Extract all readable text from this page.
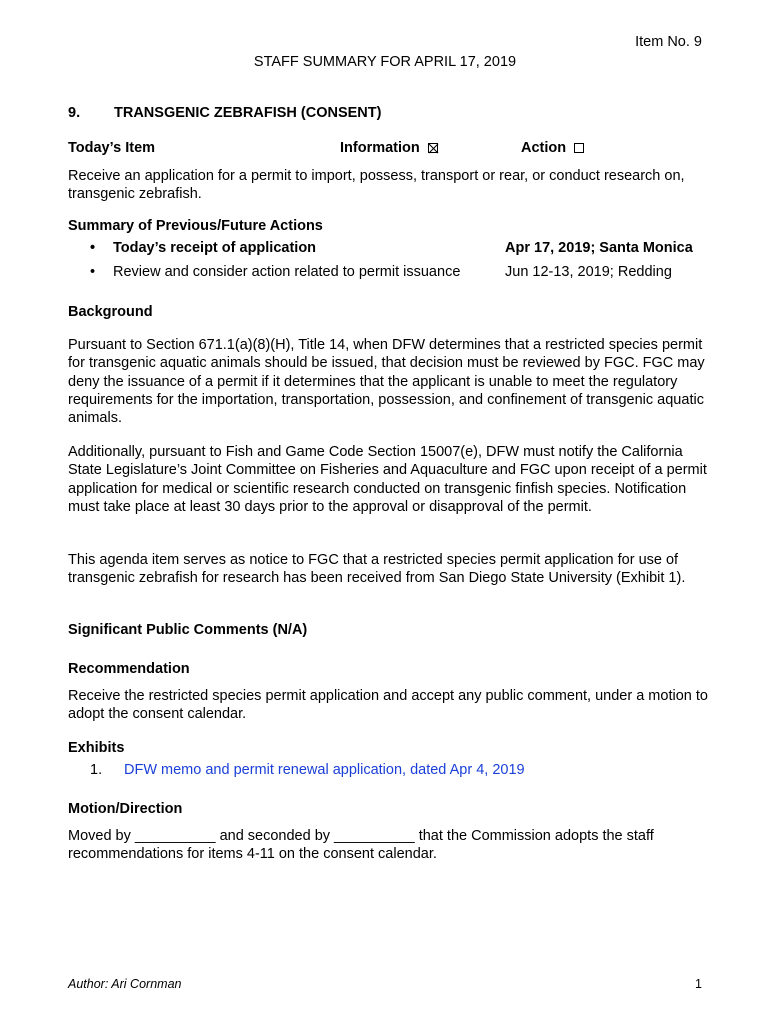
Item No. 9
STAFF SUMMARY FOR APRIL 17, 2019
9. TRANSGENIC ZEBRAFISH (CONSENT)
Today’s Item	Information	Action
Receive an application for a permit to import, possess, transport or rear, or conduct research on, transgenic zebrafish.
Summary of Previous/Future Actions
• Today’s receipt of application	Apr 17, 2019; Santa Monica
• Review and consider action related to permit issuance	Jun 12-13, 2019; Redding
Background
Pursuant to Section 671.1(a)(8)(H), Title 14, when DFW determines that a restricted species permit for transgenic aquatic animals should be issued, that decision must be reviewed by FGC. FGC may deny the issuance of a permit if it determines that the applicant is unable to meet the regulatory requirements for the importation, transportation, possession, and confinement of transgenic aquatic animals.
Additionally, pursuant to Fish and Game Code Section 15007(e), DFW must notify the California State Legislature’s Joint Committee on Fisheries and Aquaculture and FGC upon receipt of a permit application for medical or scientific research conducted on transgenic finfish species. Notification must take place at least 30 days prior to the approval or disapproval of the permit.
This agenda item serves as notice to FGC that a restricted species permit application for use of transgenic zebrafish for research has been received from San Diego State University (Exhibit 1).
Significant Public Comments (N/A)
Recommendation
Receive the restricted species permit application and accept any public comment, under a motion to adopt the consent calendar.
Exhibits
1. DFW memo and permit renewal application, dated Apr 4, 2019
Motion/Direction
Moved by __________ and seconded by __________ that the Commission adopts the staff recommendations for items 4-11 on the consent calendar.
Author: Ari Cornman	1
